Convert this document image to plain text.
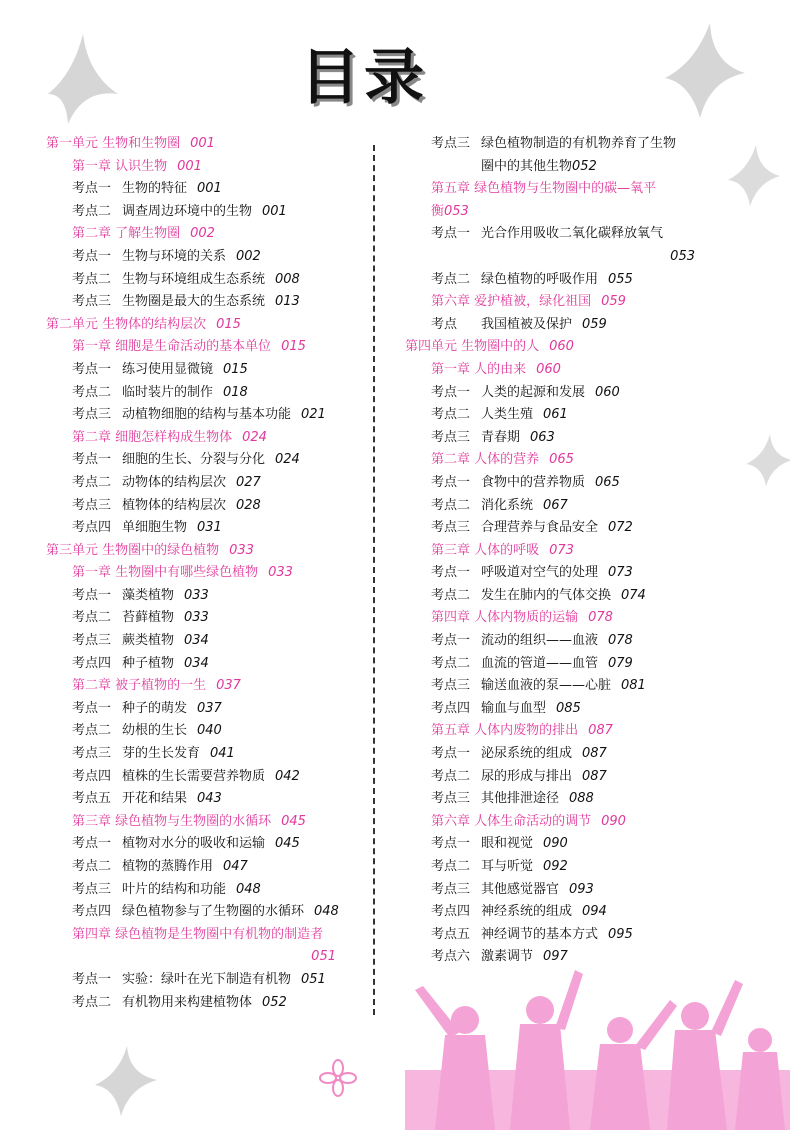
目录
第一单元 生物和生物圈 001
第一章 认识生物 001
考点一 生物的特征 001
考点二 调查周边环境中的生物 001
第二章 了解生物圈 002
考点一 生物与环境的关系 002
考点二 生物与环境组成生态系统 008
考点三 生物圈是最大的生态系统 013
第二单元 生物体的结构层次 015
第一章 细胞是生命活动的基本单位 015
考点一 练习使用显微镜 015
考点二 临时装片的制作 018
考点三 动植物细胞的结构与基本功能 021
第二章 细胞怎样构成生物体 024
考点一 细胞的生长、分裂与分化 024
考点二 动物体的结构层次 027
考点三 植物体的结构层次 028
考点四 单细胞生物 031
第三单元 生物圈中的绿色植物 033
第一章 生物圈中有哪些绿色植物 033
考点一 藻类植物 033
考点二 苔藓植物 033
考点三 蕨类植物 034
考点四 种子植物 034
第二章 被子植物的一生 037
考点一 种子的萌发 037
考点二 幼根的生长 040
考点三 芽的生长发育 041
考点四 植株的生长需要营养物质 042
考点五 开花和结果 043
第三章 绿色植物与生物圈的水循环 045
考点一 植物对水分的吸收和运输 045
考点二 植物的蒸腾作用 047
考点三 叶片的结构和功能 048
考点四 绿色植物参与了生物圈的水循环 048
第四章 绿色植物是生物圈中有机物的制造者
051
考点一 实验：绿叶在光下制造有机物 051
考点二 有机物用来构建植物体 052
考点三 绿色植物制造的有机物养育了生物
圈中的其他生物052
第五章 绿色植物与生物圈中的碳—氧平
衡053
考点一 光合作用吸收二氧化碳释放氧气
053
考点二 绿色植物的呼吸作用 055
第六章 爱护植被，绿化祖国 059
考点 我国植被及保护 059
第四单元 生物圈中的人 060
第一章 人的由来 060
考点一 人类的起源和发展 060
考点二 人类生殖 061
考点三 青春期 063
第二章 人体的营养 065
考点一 食物中的营养物质 065
考点二 消化系统 067
考点三 合理营养与食品安全 072
第三章 人体的呼吸 073
考点一 呼吸道对空气的处理 073
考点二 发生在肺内的气体交换 074
第四章 人体内物质的运输 078
考点一 流动的组织——血液 078
考点二 血流的管道——血管 079
考点三 输送血液的泵——心脏 081
考点四 输血与血型 085
第五章 人体内废物的排出 087
考点一 泌尿系统的组成 087
考点二 尿的形成与排出 087
考点三 其他排泄途径 088
第六章 人体生命活动的调节 090
考点一 眼和视觉 090
考点二 耳与听觉 092
考点三 其他感觉器官 093
考点四 神经系统的组成 094
考点五 神经调节的基本方式 095
考点六 激素调节 097
